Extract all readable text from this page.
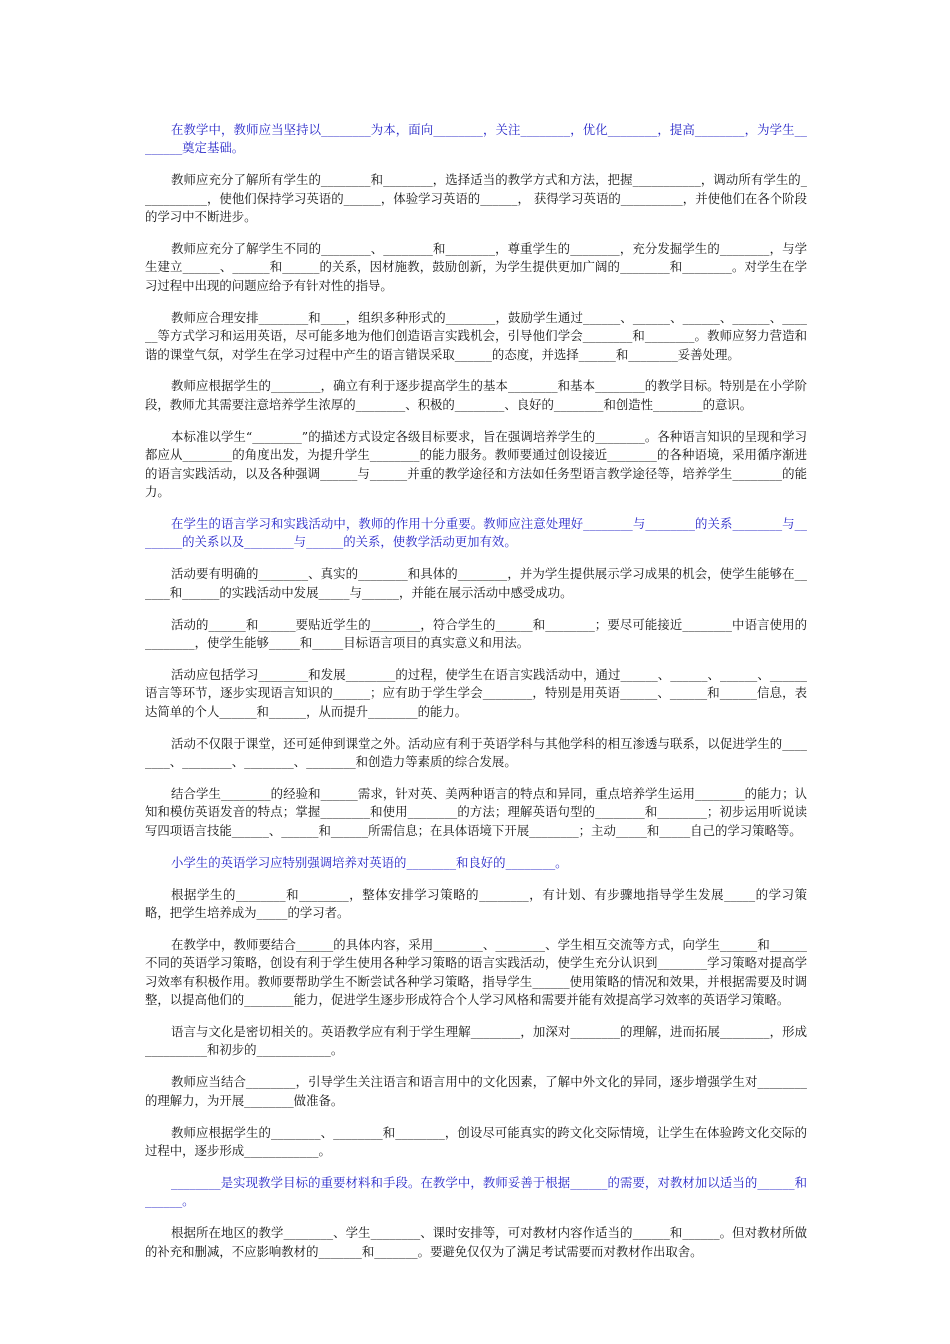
在教学中，教师应当坚持以________为本，面向________，关注________，优化________，提高________，为学生________奠定基础。

教师应充分了解所有学生的________和________，选择适当的教学方式和方法，把握___________，调动所有学生的___________，使他们保持学习英语的______，体验学习英语的______， 获得学习英语的__________，并使他们在各个阶段的学习中不断进步。

教师应充分了解学生不同的________、________和________，尊重学生的________，充分发掘学生的________，与学生建立______、______和______的关系，因材施教，鼓励创新，为学生提供更加广阔的________和________。对学生在学习过程中出现的问题应给予有针对性的指导。

教师应合理安排________和____，组织多种形式的________，鼓励学生通过______、______、______、______、______等方式学习和运用英语，尽可能多地为他们创造语言实践机会，引导他们学会________和________。教师应努力营造和谐的课堂气氛，对学生在学习过程中产生的语言错误采取______的态度，并选择______和________妥善处理。

教师应根据学生的________，确立有利于逐步提高学生的基本________和基本________的教学目标。特别是在小学阶段，教师尤其需要注意培养学生浓厚的________、积极的________、良好的________和创造性________的意识。

本标准以学生“________”的描述方式设定各级目标要求，旨在强调培养学生的________。各种语言知识的呈现和学习都应从________的角度出发，为提升学生________的能力服务。教师要通过创设接近________的各种语境，采用循序渐进的语言实践活动，以及各种强调______与______并重的教学途径和方法如任务型语言教学途径等，培养学生________的能力。

在学生的语言学习和实践活动中，教师的作用十分重要。教师应注意处理好________与________的关系________与________的关系以及________与______的关系，使教学活动更加有效。

活动要有明确的________、真实的________和具体的________，并为学生提供展示学习成果的机会，使学生能够在______和______的实践活动中发展_____与______，并能在展示活动中感受成功。

活动的______和______要贴近学生的________，符合学生的______和________；要尽可能接近________中语言使用的________，使学生能够_____和_____目标语言项目的真实意义和用法。

活动应包括学习________和发展________的过程，使学生在语言实践活动中，通过______、______、______、______语言等环节，逐步实现语言知识的______；应有助于学生学会________，特别是用英语______、______和______信息，表达简单的个人______和______，从而提升________的能力。

活动不仅限于课堂，还可延伸到课堂之外。活动应有利于英语学科与其他学科的相互渗透与联系，以促进学生的________、________、________、________和创造力等素质的综合发展。

结合学生________的经验和______需求，针对英、美两种语言的特点和异同，重点培养学生运用________的能力；认知和模仿英语发音的特点；掌握________和使用________的方法；理解英语句型的________和________；初步运用听说读写四项语言技能______、______和______所需信息；在具体语境下开展________；主动_____和_____自己的学习策略等。

小学生的英语学习应特别强调培养对英语的________和良好的________。

根据学生的________和________，整体安排学习策略的________，有计划、有步骤地指导学生发展_____的学习策略，把学生培养成为_____的学习者。

在教学中，教师要结合______的具体内容，采用________、________、学生相互交流等方式，向学生______和______不同的英语学习策略，创设有利于学生使用各种学习策略的语言实践活动，使学生充分认识到________学习策略对提高学习效率有积极作用。教师要帮助学生不断尝试各种学习策略，指导学生______使用策略的情况和效果，并根据需要及时调整，以提高他们的________能力，促进学生逐步形成符合个人学习风格和需要并能有效提高学习效率的英语学习策略。

语言与文化是密切相关的。英语教学应有利于学生理解________，加深对________的理解，进而拓展________，形成__________和初步的____________。

教师应当结合________，引导学生关注语言和语言用中的文化因素，了解中外文化的异同，逐步增强学生对________的理解力，为开展________做准备。

教师应根据学生的________、________和________，创设尽可能真实的跨文化交际情境，让学生在体验跨文化交际的过程中，逐步形成____________。

________是实现教学目标的重要材料和手段。在教学中，教师妥善于根据______的需要，对教材加以适当的______和______。

根据所在地区的教学________、学生________、课时安排等，可对教材内容作适当的______和______。但对教材所做的补充和删减，不应影响教材的_______和_______。要避免仅仅为了满足考试需要而对教材作出取舍。
